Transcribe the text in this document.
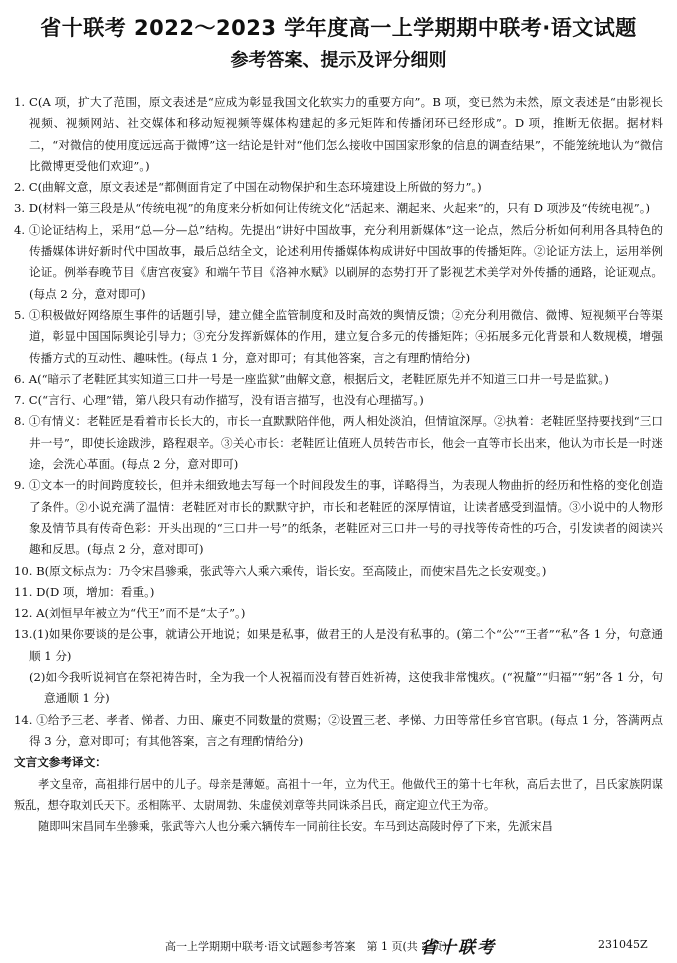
省十联考 2022～2023 学年度高一上学期期中联考·语文试题
参考答案、提示及评分细则
1. C(A 项，扩大了范围，原文表述是“应成为彰显我国文化软实力的重要方向”。B 项，变已然为未然，原文表述是“由影视长视频、视频网站、社交媒体和移动短视频等媒体构建起的多元矩阵和传播闭环已经形成”。D 项，推断无依据。据材料二，“对微信的使用度远远高于微博”这一结论是针对“他们怎么接收中国国家形象的信息的调查结果”，不能笼统地认为“微信比微博更受他们欢迎”。)
2. C(曲解文意，原文表述是“都侧面肯定了中国在动物保护和生态环境建设上所做的努力”。)
3. D(材料一第三段是从“传统电视”的角度来分析如何让传统文化“活起来、潮起来、火起来”的，只有 D 项涉及“传统电视”。)
4. ①论证结构上，采用“总—分—总”结构。先提出“讲好中国故事，充分利用新媒体”这一论点，然后分析如何利用各具特色的传播媒体讲好新时代中国故事，最后总结全文，论述利用传播媒体构成讲好中国故事的传播矩阵。②论证方法上，运用举例论证。例举春晚节目《唐宫夜宴》和端午节目《洛神水赋》以刷屏的态势打开了影视艺术美学对外传播的通路，论证观点。(每点 2 分，意对即可)
5. ①积极做好网络原生事件的话题引导，建立健全监管制度和及时高效的舆情反馈；②充分利用微信、微博、短视频平台等渠道，彰显中国国际舆论引导力；③充分发挥新媒体的作用，建立复合多元的传播矩阵；④拓展多元化背景和人数规模，增强传播方式的互动性、趣味性。(每点 1 分，意对即可；有其他答案，言之有理酌情给分)
6. A(“暗示了老鞋匠其实知道三口井一号是一座监狱”曲解文意，根据后文，老鞋匠原先并不知道三口井一号是监狱。)
7. C(“言行、心理”错，第八段只有动作描写，没有语言描写，也没有心理描写。)
8. ①有情义：老鞋匠是看着市长长大的，市长一直默默陪伴他，两人相处淡泊，但情谊深厚。②执着：老鞋匠坚持要找到“三口井一号”，即使长途跋涉，路程艰辛。③关心市长：老鞋匠让值班人员转告市长，他会一直等市长出来，他认为市长是一时迷途，会洗心革面。(每点 2 分，意对即可)
9. ①文本一的时间跨度较长，但并未细致地去写每一个时间段发生的事，详略得当，为表现人物曲折的经历和性格的变化创造了条件。②小说充满了温情：老鞋匠对市长的默默守护，市长和老鞋匠的深厚情谊，让读者感受到温情。③小说中的人物形象及情节具有传奇色彩：开头出现的“三口井一号”的纸条，老鞋匠对三口井一号的寻找等传奇性的巧合，引发读者的阅读兴趣和反思。(每点 2 分，意对即可)
10. B(原文标点为：乃令宋昌骖乘，张武等六人乘六乘传，诣长安。至高陵止，而使宋昌先之长安观变。)
11. D(D 项，增加：看重。)
12. A(刘恒早年被立为“代王”而不是“太子”。)
13.(1)如果你要谈的是公事，就请公开地说；如果是私事，做君王的人是没有私事的。(第二个“公”“王者”“私”各 1 分，句意通顺 1 分)
(2)如今我听说祠官在祭祀祷告时，全为我一个人祝福而没有替百姓祈祷，这使我非常愧疚。(“祝釐”“归福”“躬”各 1 分，句意通顺 1 分)
14. ①给予三老、孝者、悌者、力田、廉吏不同数量的赏赐；②设置三老、孝悌、力田等常任乡官官职。(每点 1 分，答满两点得 3 分，意对即可；有其他答案，言之有理酌情给分)
文言文参考译文：
孝文皇帝，高祖排行居中的儿子。母亲是薄姬。高祖十一年，立为代王。他做代王的第十七年秋，高后去世了，吕氏家族阴谋叛乱，想夺取刘氏天下。丞相陈平、太尉周勃、朱虚侯刘章等共同诛杀吕氏，商定迎立代王为帝。
随即叫宋昌同车坐骖乘，张武等六人也分乘六辆传车一同前往长安。车马到达高陵时停了下来，先派宋昌
高一上学期期中联考·语文试题参考答案　第 1 页(共 2 页)
省十联考	231045Z
